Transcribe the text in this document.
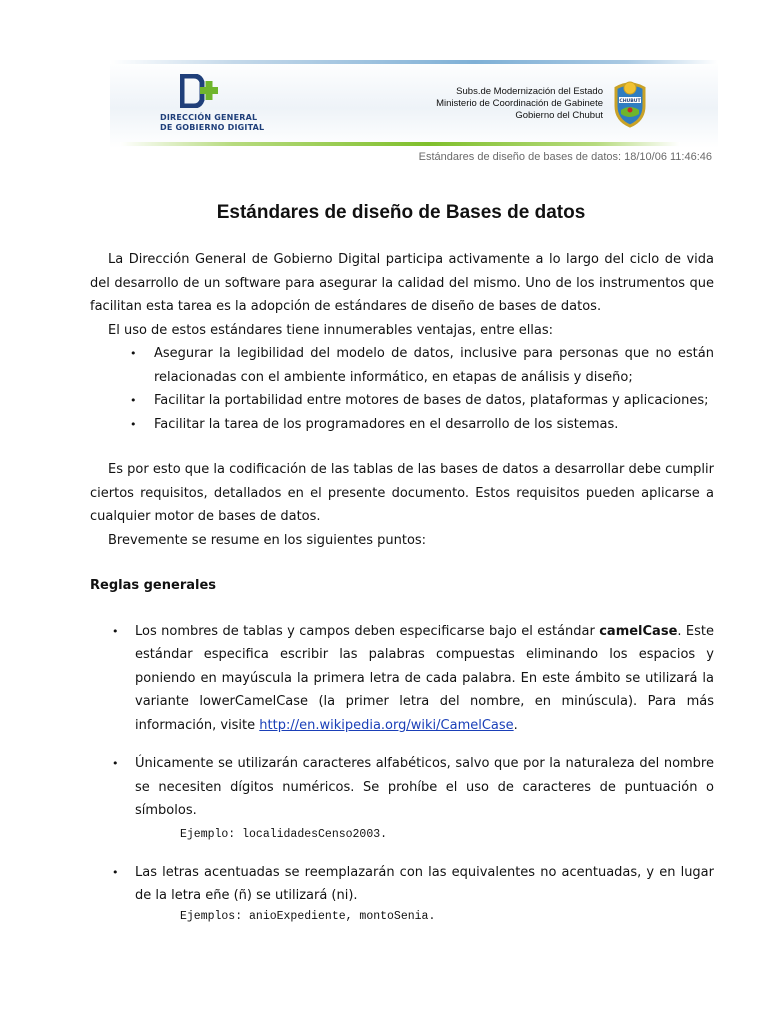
DIRECCIÓN GENERAL
DE GOBIERNO DIGITAL
Subs.de Modernización del Estado
Ministerio de Coordinación de Gabinete
Gobierno del Chubut
CHUBUT
Estándares de diseño de bases de datos: 18/10/06 11:46:46
Estándares de diseño de Bases de datos

La Dirección General de Gobierno Digital participa activamente a lo largo del ciclo de vida del desarrollo de un software para asegurar la calidad del mismo. Uno de los instrumentos que facilitan esta tarea es la adopción de estándares de diseño de bases de datos.

El uso de estos estándares tiene innumerables ventajas, entre ellas:

• Asegurar la legibilidad del modelo de datos, inclusive para personas que no están relacionadas con el ambiente informático, en etapas de análisis y diseño;
• Facilitar la portabilidad entre motores de bases de datos, plataformas y aplicaciones;
• Facilitar la tarea de los programadores en el desarrollo de los sistemas.

Es por esto que la codificación de las tablas de las bases de datos a desarrollar debe cumplir ciertos requisitos, detallados en el presente documento. Estos requisitos pueden aplicarse a cualquier motor de bases de datos.

Brevemente se resume en los siguientes puntos:

Reglas generales

• Los nombres de tablas y campos deben especificarse bajo el estándar camelCase. Este estándar especifica escribir las palabras compuestas eliminando los espacios y poniendo en mayúscula la primera letra de cada palabra. En este ámbito se utilizará la variante lowerCamelCase (la primer letra del nombre, en minúscula). Para más información, visite http://en.wikipedia.org/wiki/CamelCase.
• Únicamente se utilizarán caracteres alfabéticos, salvo que por la naturaleza del nombre se necesiten dígitos numéricos. Se prohíbe el uso de caracteres de puntuación o símbolos.
Ejemplo: localidadesCenso2003.
• Las letras acentuadas se reemplazarán con las equivalentes no acentuadas, y en lugar de la letra eñe (ñ) se utilizará (ni).
Ejemplos: anioExpediente, montoSenia.
